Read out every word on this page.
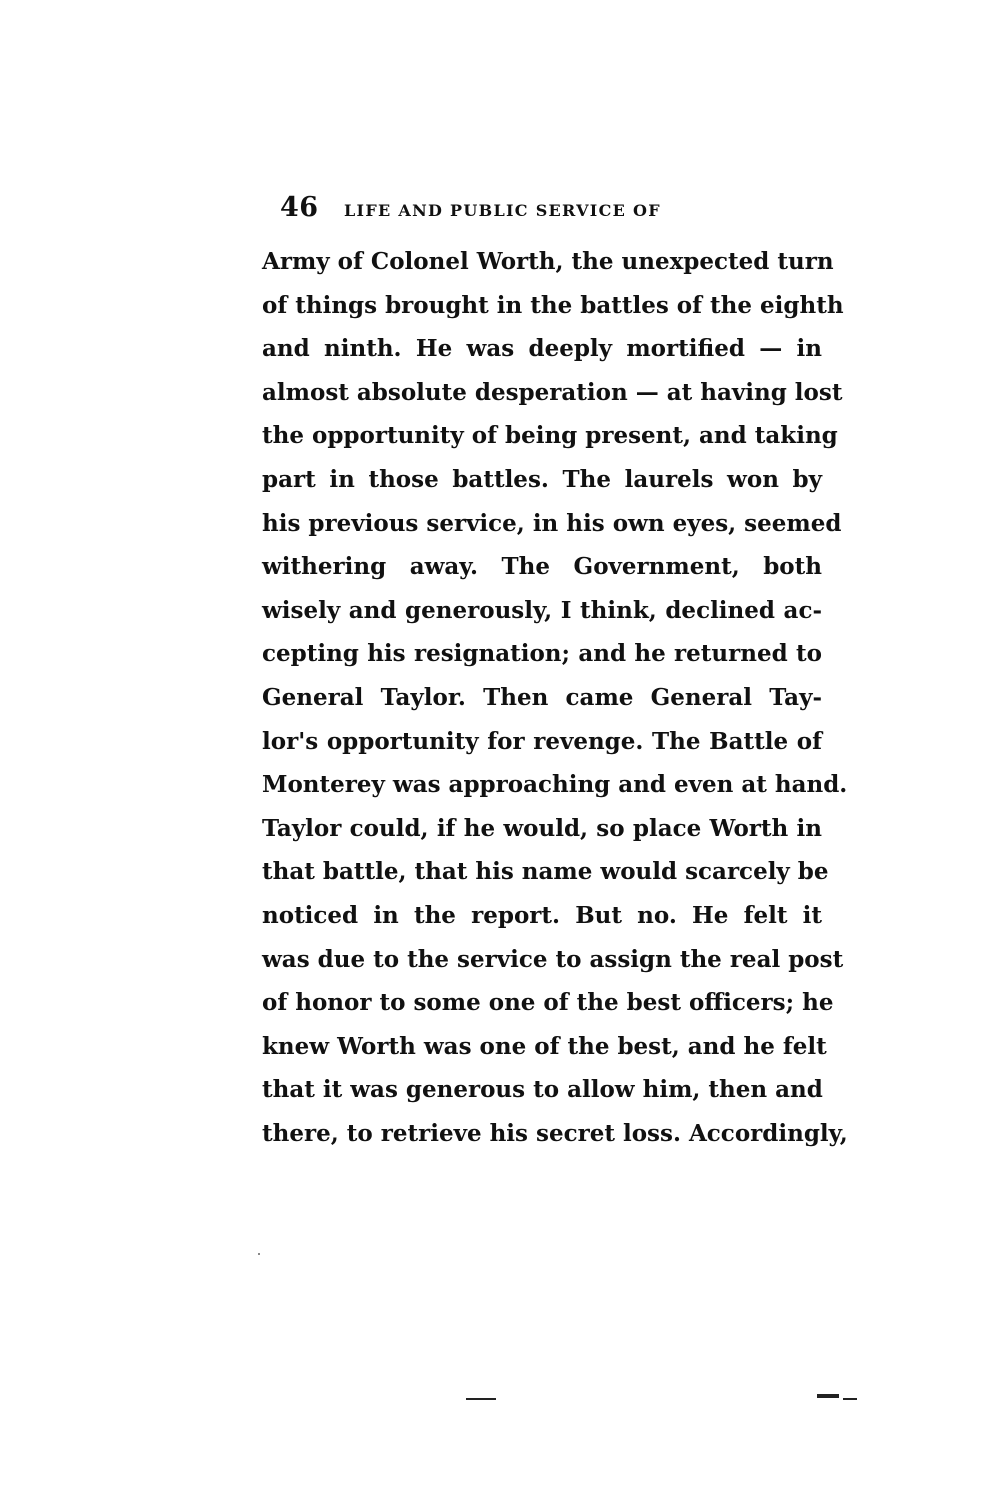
46 LIFE AND PUBLIC SERVICE OF
Army of Colonel Worth, the unexpected turn
of things brought in the battles of the eighth
and ninth. He was deeply mortified — in
almost absolute desperation — at having lost
the opportunity of being present, and taking
part in those battles. The laurels won by
his previous service, in his own eyes, seemed
withering away. The Government, both
wisely and generously, I think, declined ac-
cepting his resignation; and he returned to
General Taylor. Then came General Tay-
lor's opportunity for revenge. The Battle of
Monterey was approaching and even at hand.
Taylor could, if he would, so place Worth in
that battle, that his name would scarcely be
noticed in the report. But no. He felt it
was due to the service to assign the real post
of honor to some one of the best officers; he
knew Worth was one of the best, and he felt
that it was generous to allow him, then and
there, to retrieve his secret loss. Accordingly,
